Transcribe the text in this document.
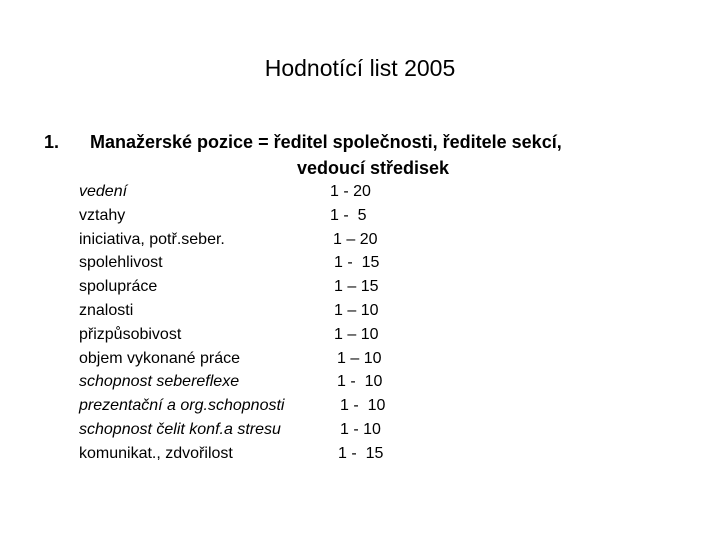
Hodnotící list 2005
1. Manažerské pozice = ředitel společnosti, ředitele sekcí,
vedoucí středisek
vedení	1 - 20
vztahy	1 -  5
iniciativa, potř.seber.	1 – 20
spolehlivost	1 -  15
spolupráce	1 – 15
znalosti	1 – 10
přizpůsobivost	1 – 10
objem vykonané práce	1 – 10
schopnost sebereflexe	1 -  10
prezentační a org.schopnosti	1 -  10
schopnost čelit konf.a stresu	1 - 10
komunikat., zdvořilost	1 -  15
